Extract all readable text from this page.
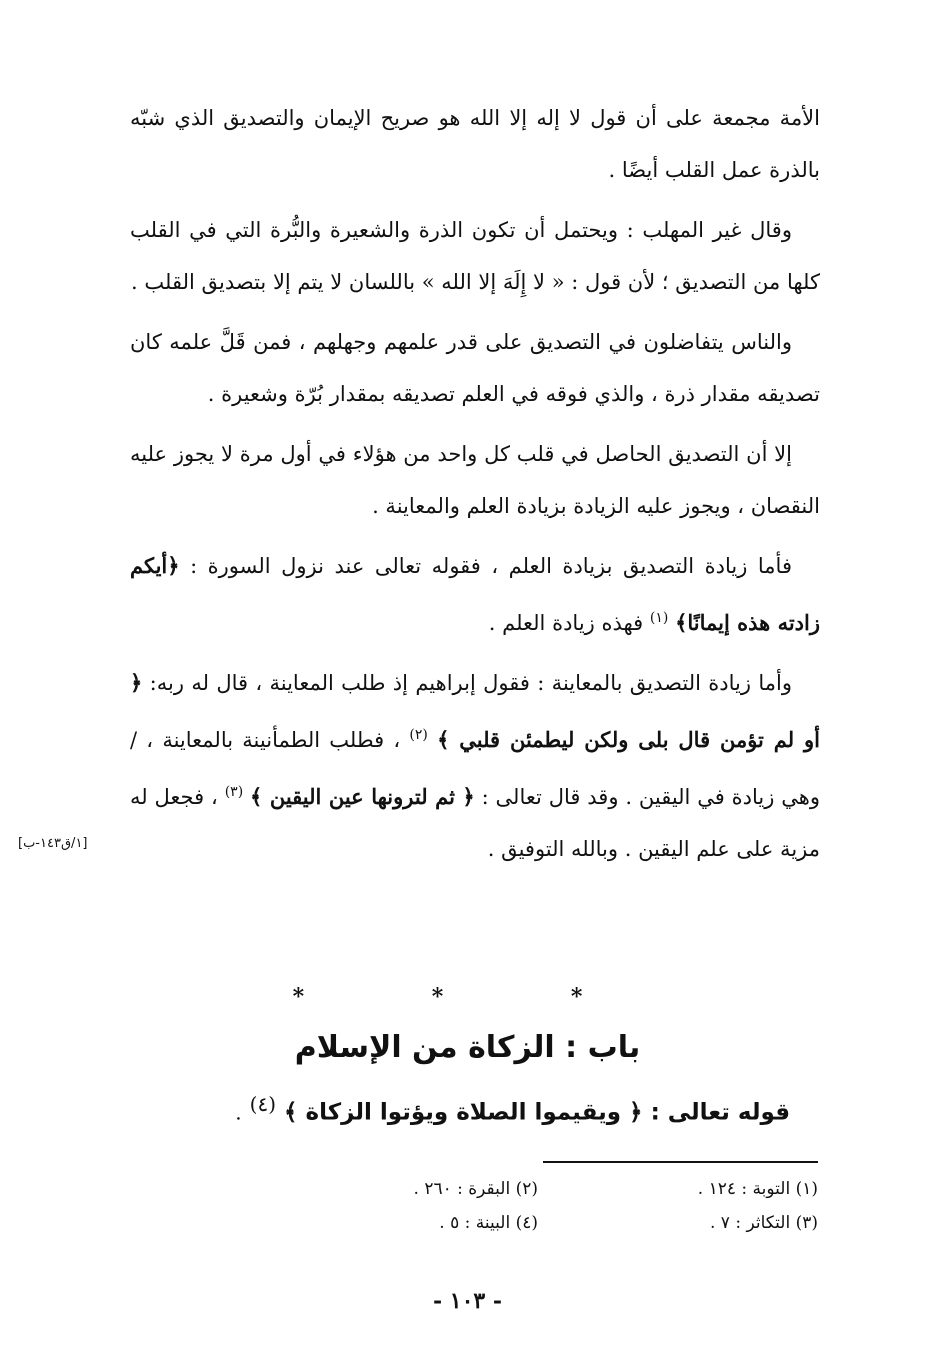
الأمة مجمعة على أن قول لا إله إلا الله هو صريح الإيمان والتصديق الذي شبّه بالذرة عمل القلب أيضًا .

وقال غير المهلب : ويحتمل أن تكون الذرة والشعيرة والبُّرة التي في القلب كلها من التصديق ؛ لأن قول : « لا إِلَهَ إلا الله » باللسان لا يتم إلا بتصديق القلب .

والناس يتفاضلون في التصديق على قدر علمهم وجهلهم ، فمن قَلَّ علمه كان تصديقه مقدار ذرة ، والذي فوقه في العلم تصديقه بمقدار بُرّة وشعيرة .

إلا أن التصديق الحاصل في قلب كل واحد من هؤلاء في أول مرة لا يجوز عليه النقصان ، ويجوز عليه الزيادة بزيادة العلم والمعاينة .

فأما زيادة التصديق بزيادة العلم ، فقوله تعالى عند نزول السورة : ﴿أيكم زادته هذه إيمانًا﴾ $^{(١)}$ فهذه زيادة العلم .

وأما زيادة التصديق بالمعاينة : فقول إبراهيم إذ طلب المعاينة ، قال له ربه: ﴿ أو لم تؤمن قال بلى ولكن ليطمئن قلبي ﴾ $^{(٢)}$ ، فطلب الطمأنينة بالمعاينة ، / وهي زيادة في اليقين . وقد قال تعالى : ﴿ ثم لترونها عين اليقين ﴾ $^{(٣)}$ ، فجعل له مزية على علم اليقين . وبالله التوفيق .

[١/ق١٤٣-ب]
* * *
باب : الزكاة من الإسلام
قوله تعالى : ﴿ ويقيموا الصلاة ويؤتوا الزكاة ﴾ $^{(٤)}$ .
(١) التوبة : ١٢٤ .
(٢) البقرة : ٢٦٠ .
(٣) التكاثر : ٧ .
(٤) البينة : ٥ .
- ١٠٣ -
